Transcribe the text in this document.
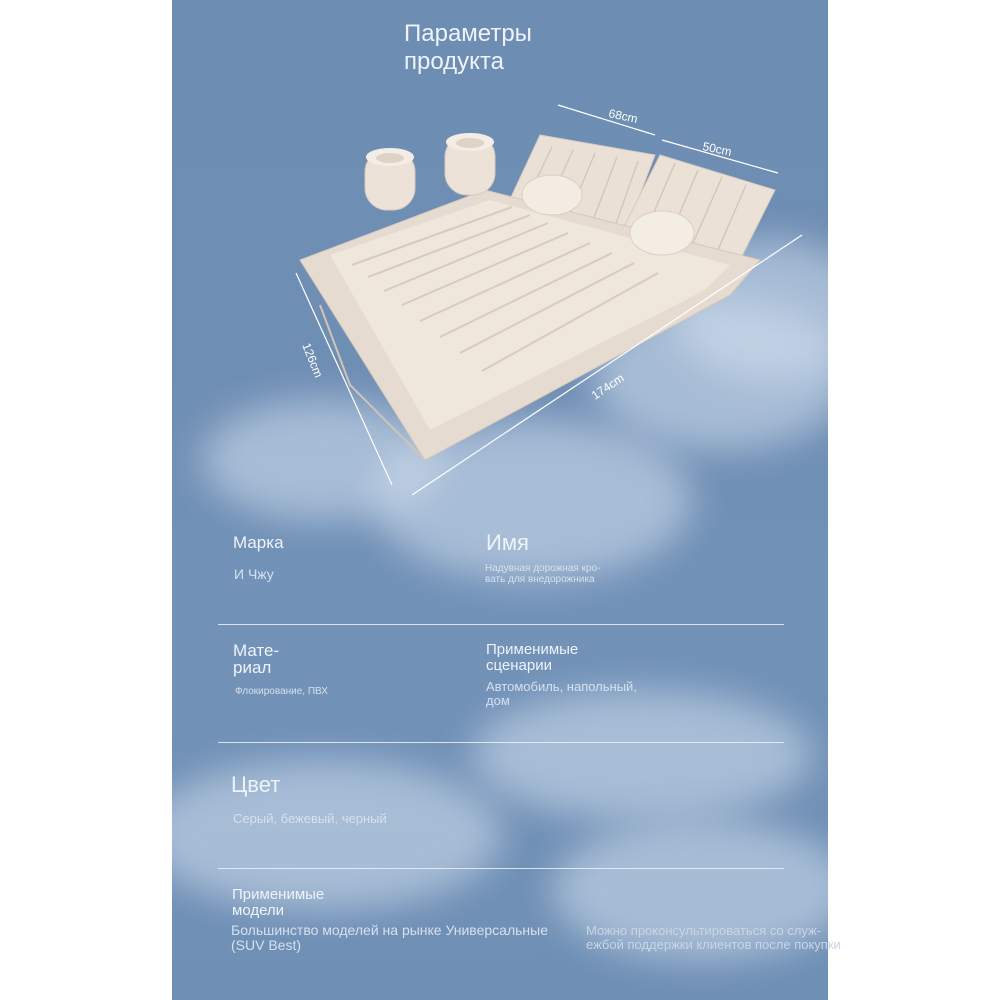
Параметры
продукта
68cm
50cm
126cm
174cm
Марка
И Чжу
Имя
Надувная дорожная кро-
вать для внедорожника
Мате-
риал
Флокирование, ПВХ
Применимые
сценарии
Автомобиль, напольный,
дом
Цвет
Серый, бежевый, черный
Применимые
модели
Большинство моделей на рынке Универсальные
(SUV Best)
Можно проконсультироваться со служ-
ежбой поддержки клиентов после покупки
